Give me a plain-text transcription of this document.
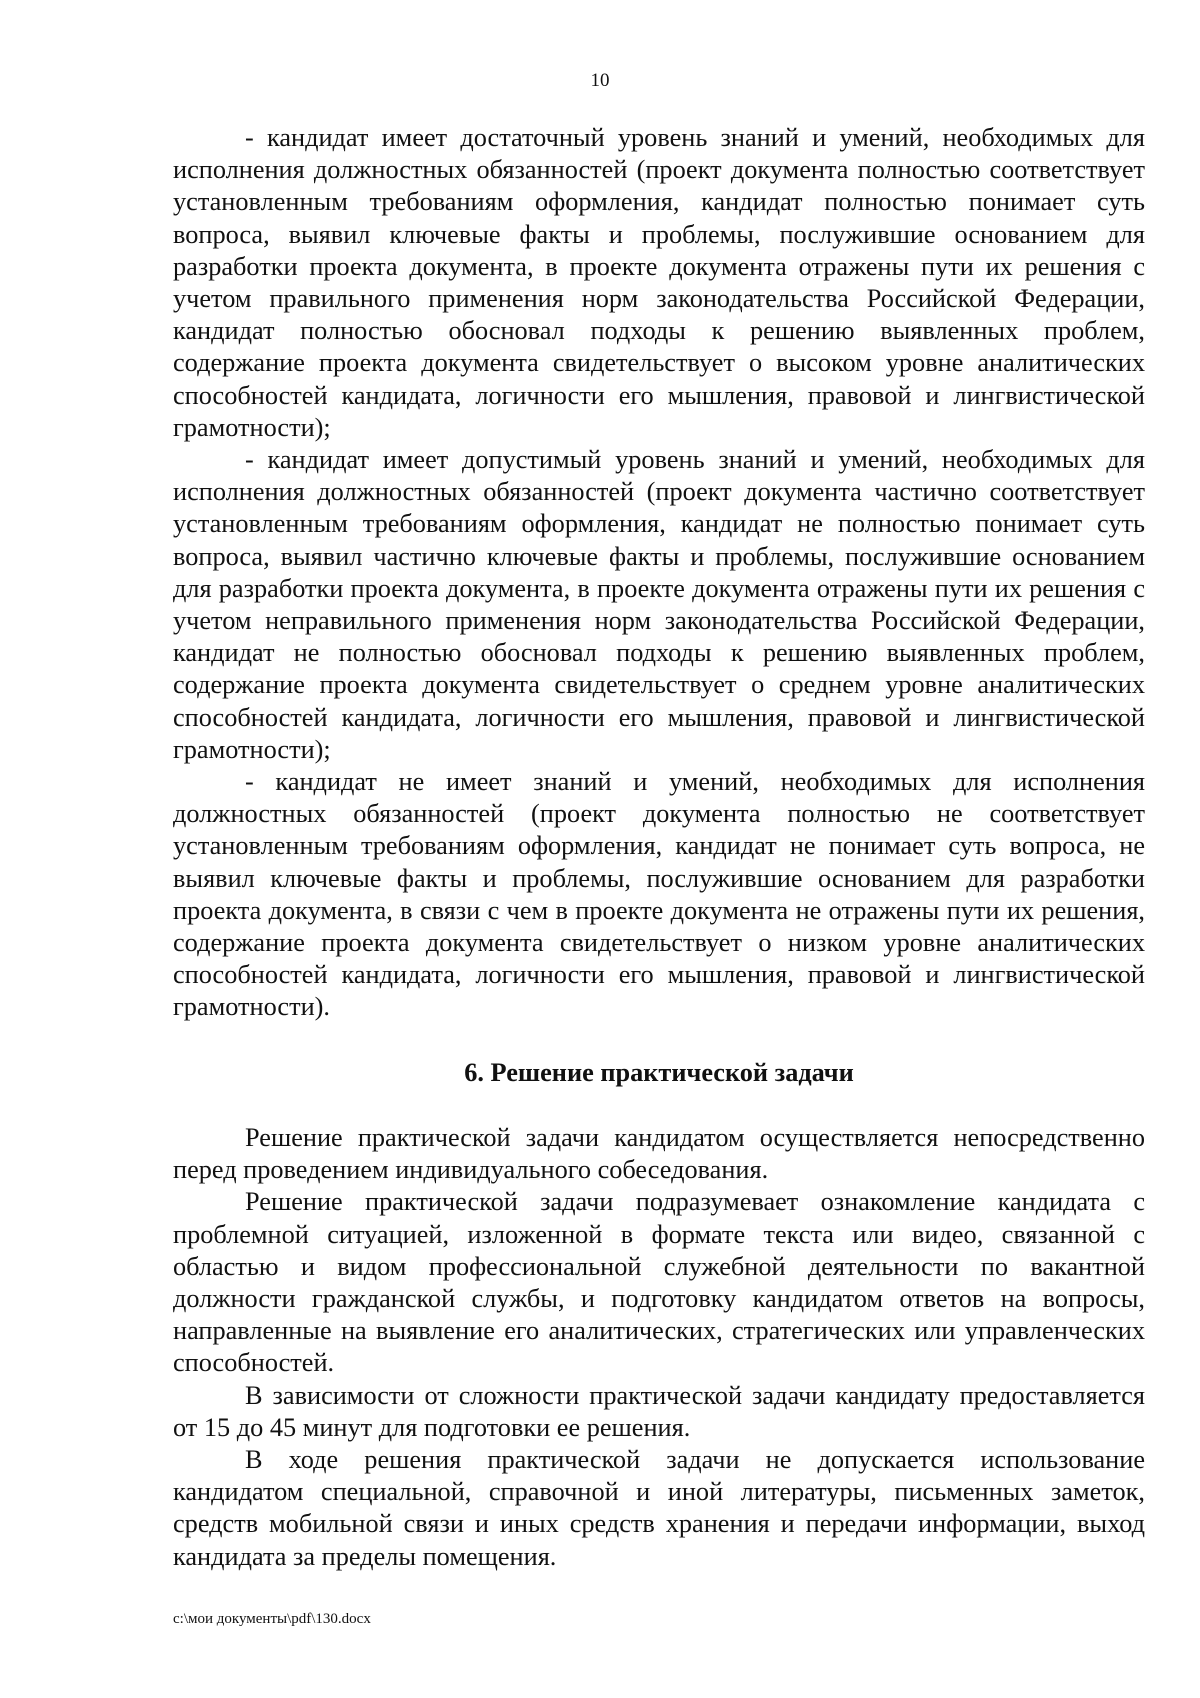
10

- кандидат имеет достаточный уровень знаний и умений, необходимых для исполнения должностных обязанностей (проект документа полностью соответствует установленным требованиям оформления, кандидат полностью понимает суть вопроса, выявил ключевые факты и проблемы, послужившие основанием для разработки проекта документа, в проекте документа отражены пути их решения с учетом правильного применения норм законодательства Российской Федерации, кандидат полностью обосновал подходы к решению выявленных проблем, содержание проекта документа свидетельствует о высоком уровне аналитических способностей кандидата, логичности его мышления, правовой и лингвистической грамотности);

- кандидат имеет допустимый уровень знаний и умений, необходимых для исполнения должностных обязанностей (проект документа частично соответствует установленным требованиям оформления, кандидат не полностью понимает суть вопроса, выявил частично ключевые факты и проблемы, послужившие основанием для разработки проекта документа, в проекте документа отражены пути их решения с учетом неправильного применения норм законодательства Российской Федерации, кандидат не полностью обосновал подходы к решению выявленных проблем, содержание проекта документа свидетельствует о среднем уровне аналитических способностей кандидата, логичности его мышления, правовой и лингвистической грамотности);

- кандидат не имеет знаний и умений, необходимых для исполнения должностных обязанностей (проект документа полностью не соответствует установленным требованиям оформления, кандидат не понимает суть вопроса, не выявил ключевые факты и проблемы, послужившие основанием для разработки проекта документа, в связи с чем в проекте документа не отражены пути их решения, содержание проекта документа свидетельствует о низком уровне аналитических способностей кандидата, логичности его мышления, правовой и лингвистической грамотности).

6. Решение практической задачи

Решение практической задачи кандидатом осуществляется непосредственно перед проведением индивидуального собеседования.

Решение практической задачи подразумевает ознакомление кандидата с проблемной ситуацией, изложенной в формате текста или видео, связанной с областью и видом профессиональной служебной деятельности по вакантной должности гражданской службы, и подготовку кандидатом ответов на вопросы, направленные на выявление его аналитических, стратегических или управленческих способностей.

В зависимости от сложности практической задачи кандидату предоставляется от 15 до 45 минут для подготовки ее решения.

В ходе решения практической задачи не допускается использование кандидатом специальной, справочной и иной литературы, письменных заметок, средств мобильной связи и иных средств хранения и передачи информации, выход кандидата за пределы помещения.

c:\мои документы\pdf\130.docx
